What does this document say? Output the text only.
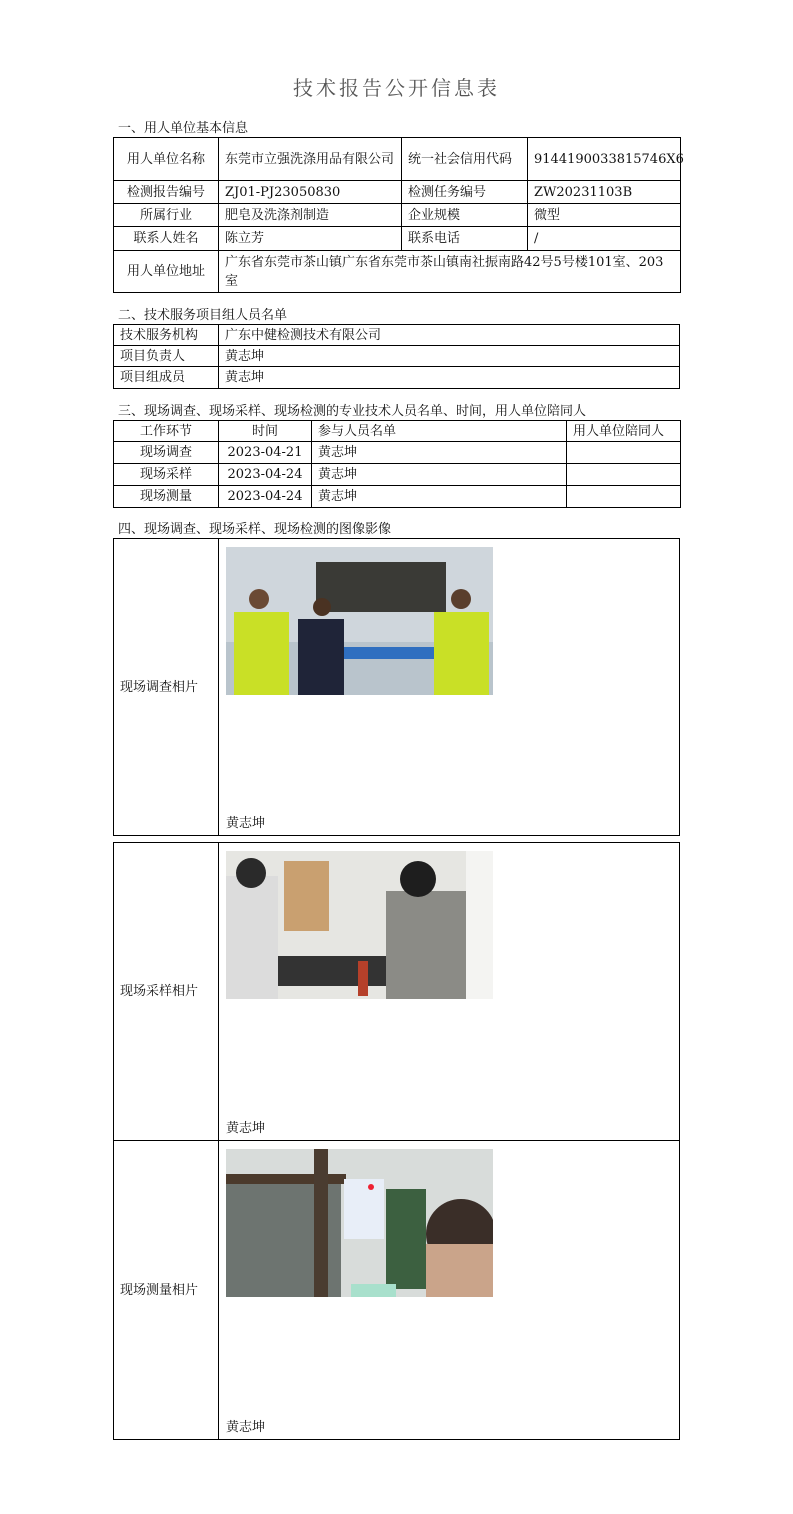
技术报告公开信息表
一、用人单位基本信息
用人单位名称	东莞市立强洗涤用品有限公司	统一社会信用代码	9144190033815746X6
检测报告编号	ZJ01-PJ23050830	检测任务编号	ZW20231103B
所属行业	肥皂及洗涤剂制造	企业规模	微型
联系人姓名	陈立芳	联系电话	/
用人单位地址	广东省东莞市茶山镇广东省东莞市茶山镇南社振南路42号5号楼101室、203室		
二、技术服务项目组人员名单
技术服务机构	广东中健检测技术有限公司
项目负责人	黄志坤
项目组成员	黄志坤
三、现场调查、现场采样、现场检测的专业技术人员名单、时间，用人单位陪同人
工作环节	时间	参与人员名单	用人单位陪同人
现场调查	2023-04-21	黄志坤	
现场采样	2023-04-24	黄志坤	
现场测量	2023-04-24	黄志坤	
四、现场调查、现场采样、现场检测的图像影像
现场调查相片	
黄志坤
现场采样相片	
黄志坤
现场测量相片	
黄志坤
